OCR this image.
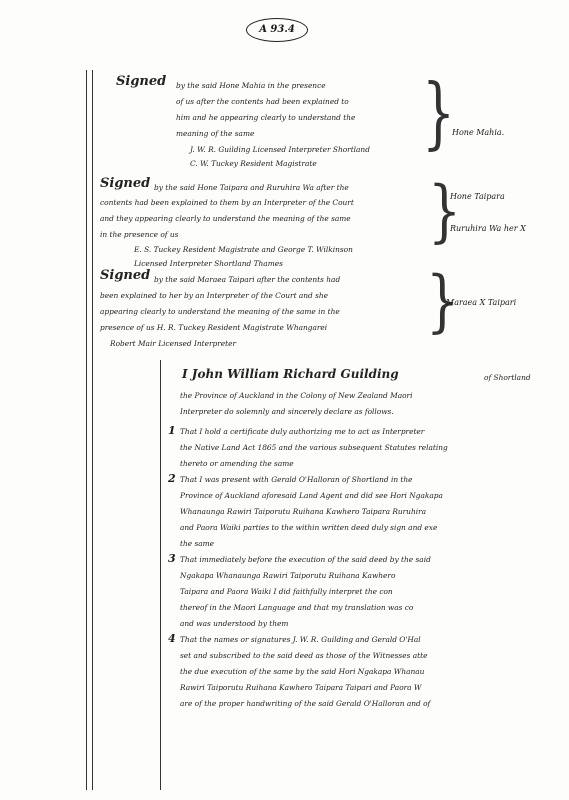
A 93.4
Signed by the said Hone Mahia in the presence
of us after the contents had been explained to
him and he appearing clearly to understand the
meaning of the same
J. W. R. Guilding Licensed Interpreter Shortland
C. W. Tuckey Resident Magistrate
}
Hone Mahia.
Signed by the said Hone Taipara and Ruruhira Wa after the
contents had been explained to them by an Interpreter of the Court
and they appearing clearly to understand the meaning of the same
in the presence of us
E. S. Tuckey Resident Magistrate and George T. Wilkinson
Licensed Interpreter Shortland Thames
}
Hone Taipara
Ruruhira Wa her X
Signed by the said Maraea Taipari after the contents had
been explained to her by an Interpreter of the Court and she
appearing clearly to understand the meaning of the same in the
presence of us H. R. Tuckey Resident Magistrate Whangarei
Robert Mair Licensed Interpreter
}
Maraea X Taipari
I John William Richard Guilding	of Shortland
the Province of Auckland in the Colony of New Zealand Maori
Interpreter do solemnly and sincerely declare as follows.
1 That I hold a certificate duly authorizing me to act as Interpreter
the Native Land Act 1865 and the various subsequent Statutes relating
thereto or amending the same
2 That I was present with Gerald O'Halloran of Shortland in the
Province of Auckland aforesaid Land Agent and did see Hori Ngakapa
Whanaunga Rawiri Taiporutu Ruihana Kawhero Taipara Ruruhira
and Paora Waiki parties to the within written deed duly sign and exe
the same
3 That immediately before the execution of the said deed by the said
Ngakapa Whanaunga Rawiri Taiporutu Ruihana Kawhero
Taipara and Paora Waiki I did faithfully interpret the con
thereof in the Maori Language and that my translation was co
and was understood by them
4 That the names or signatures J. W. R. Guilding and Gerald O'Hal
set and subscribed to the said deed as those of the Witnesses atte
the due execution of the same by the said Hori Ngakapa Whanau
Rawiri Taiporutu Ruihana Kawhero Taipara Taipari and Paora W
are of the proper handwriting of the said Gerald O'Halloran and of
